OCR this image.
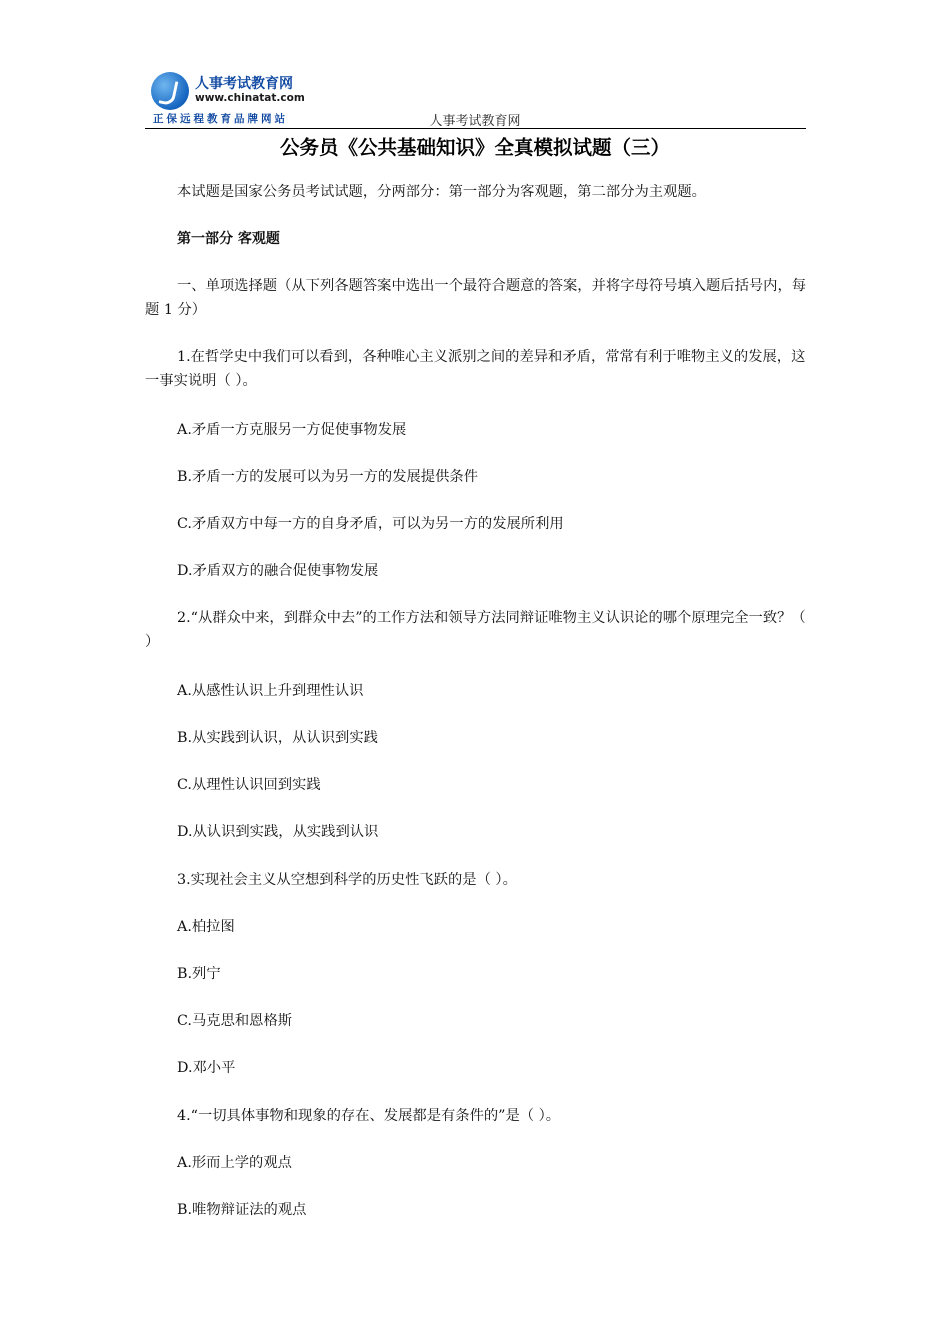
人事考试教育网
www.chinatat.com
正保远程教育品牌网站	人事考试教育网
公务员《公共基础知识》全真模拟试题（三）
本试题是国家公务员考试试题，分两部分：第一部分为客观题，第二部分为主观题。
第一部分 客观题
一、单项选择题（从下列各题答案中选出一个最符合题意的答案，并将字母符号填入题后括号内，每题 1 分）
1.在哲学史中我们可以看到，各种唯心主义派别之间的差异和矛盾，常常有利于唯物主义的发展，这一事实说明（ ）。
A.矛盾一方克服另一方促使事物发展
B.矛盾一方的发展可以为另一方的发展提供条件
C.矛盾双方中每一方的自身矛盾，可以为另一方的发展所利用
D.矛盾双方的融合促使事物发展
2.“从群众中来，到群众中去”的工作方法和领导方法同辩证唯物主义认识论的哪个原理完全一致？（ ）
A.从感性认识上升到理性认识
B.从实践到认识，从认识到实践
C.从理性认识回到实践
D.从认识到实践，从实践到认识
3.实现社会主义从空想到科学的历史性飞跃的是（ ）。
A.柏拉图
B.列宁
C.马克思和恩格斯
D.邓小平
4.“一切具体事物和现象的存在、发展都是有条件的”是（ ）。
A.形而上学的观点
B.唯物辩证法的观点
